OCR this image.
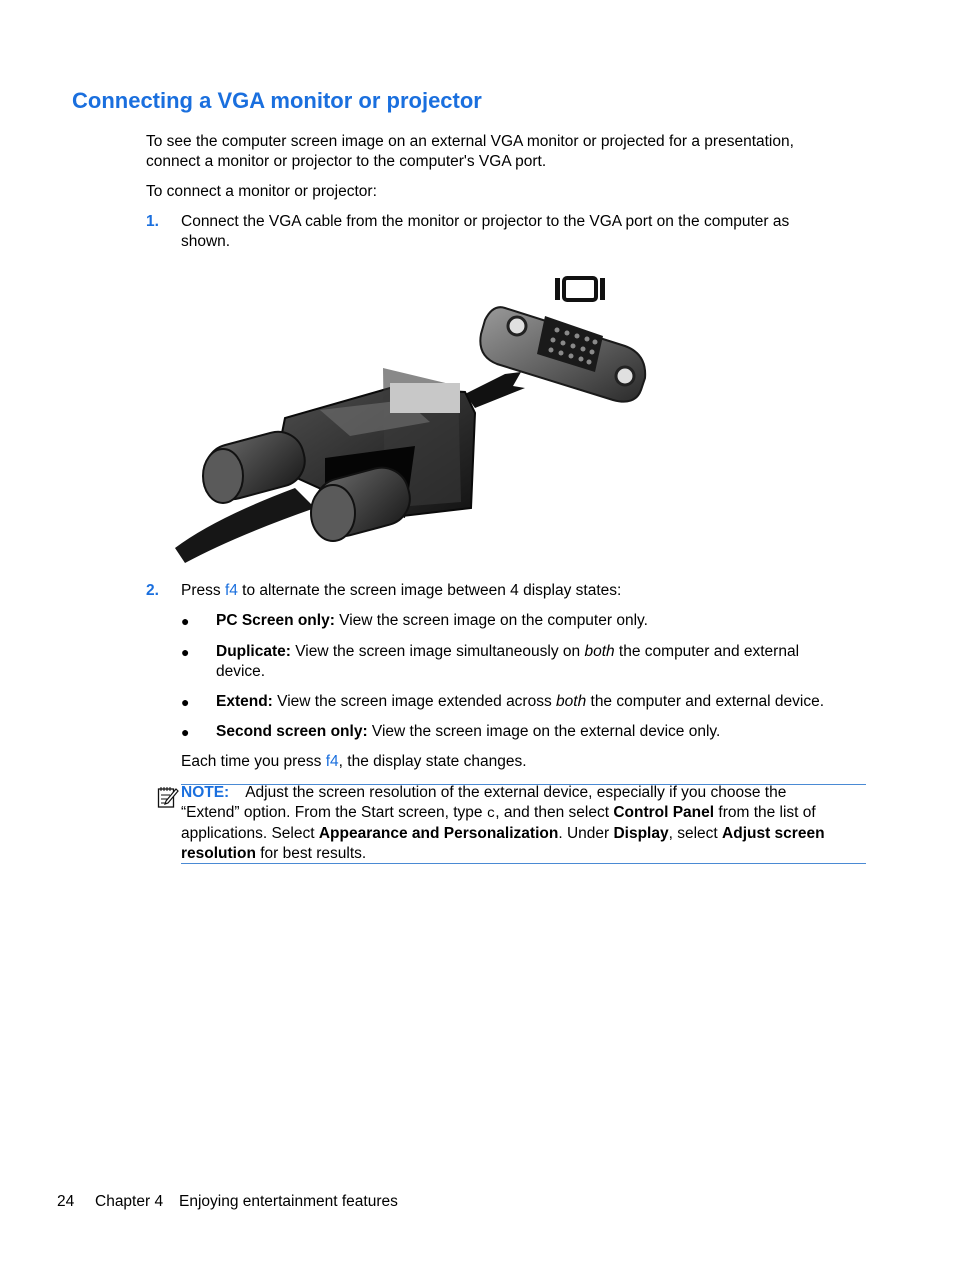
Connecting a VGA monitor or projector
To see the computer screen image on an external VGA monitor or projected for a presentation,
connect a monitor or projector to the computer's VGA port.
To connect a monitor or projector:
1. Connect the VGA cable from the monitor or projector to the VGA port on the computer as
shown.
2. Press f4 to alternate the screen image between 4 display states:
● PC Screen only: View the screen image on the computer only.
● Duplicate: View the screen image simultaneously on both the computer and external
device.
● Extend: View the screen image extended across both the computer and external device.
● Second screen only: View the screen image on the external device only.
Each time you press f4, the display state changes.
NOTE: Adjust the screen resolution of the external device, especially if you choose the
“Extend” option. From the Start screen, type c, and then select Control Panel from the list of
applications. Select Appearance and Personalization. Under Display, select Adjust screen
resolution for best results.
24 Chapter 4 Enjoying entertainment features
